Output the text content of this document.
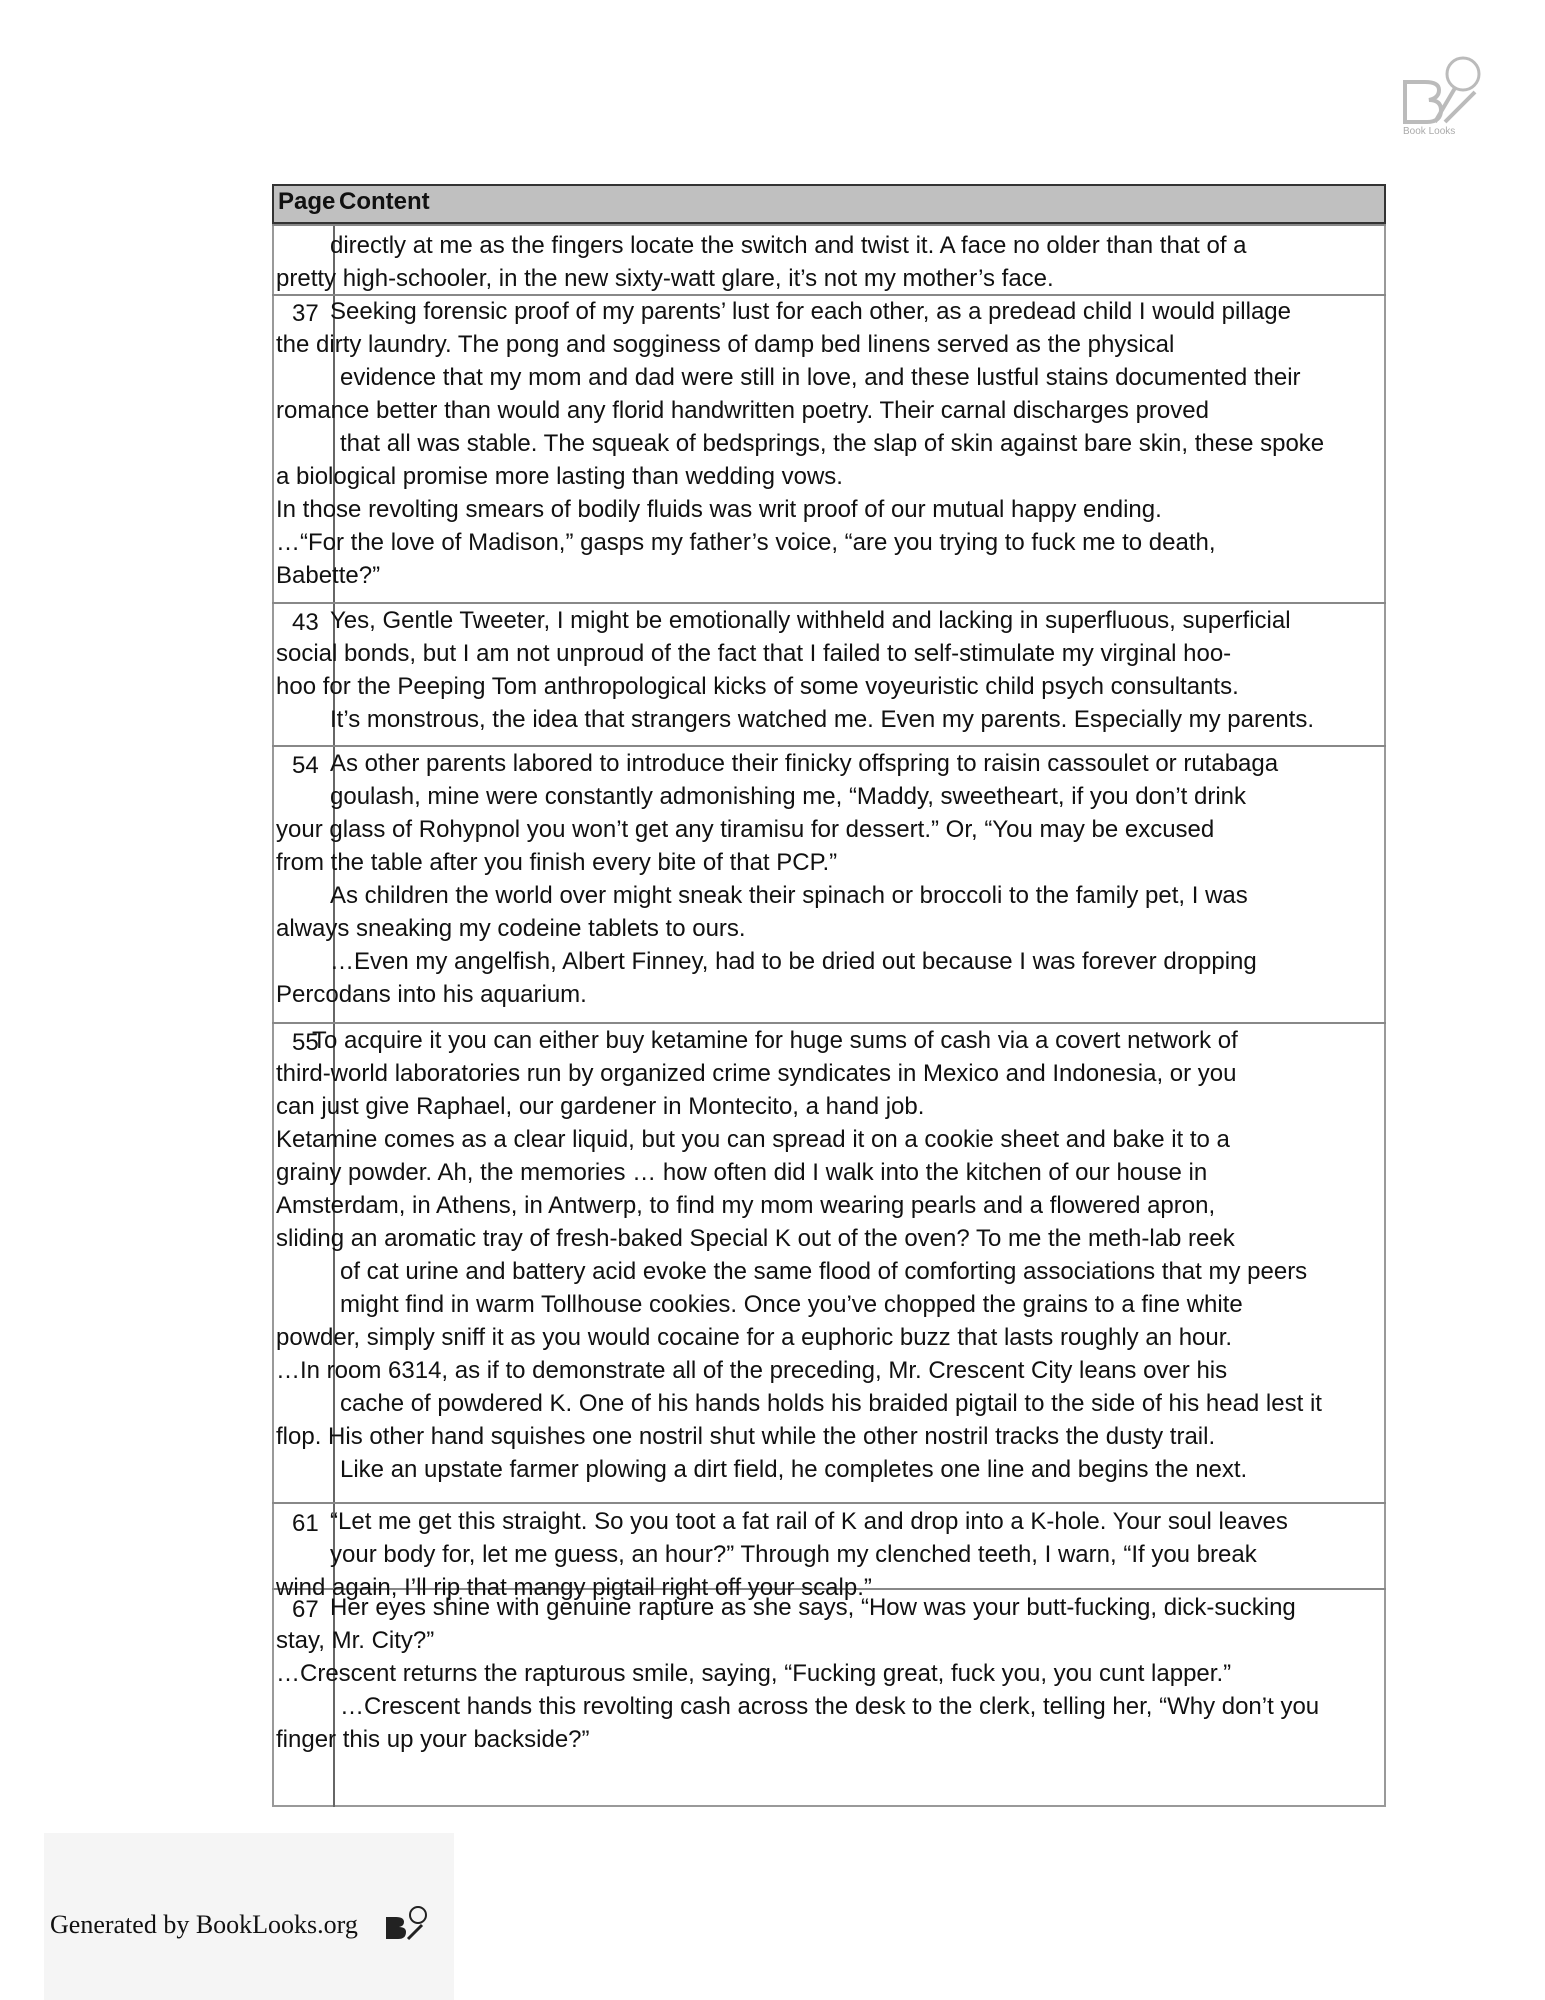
Book Looks
Page Content
directly at me as the fingers locate the switch and twist it. A face no older than that of a
pretty high-schooler, in the new sixty-watt glare, it’s not my mother’s face.
37 Seeking forensic proof of my parents’ lust for each other, as a predead child I would pillage
the dirty laundry. The pong and sogginess of damp bed linens served as the physical
evidence that my mom and dad were still in love, and these lustful stains documented their
romance better than would any florid handwritten poetry. Their carnal discharges proved
that all was stable. The squeak of bedsprings, the slap of skin against bare skin, these spoke
a biological promise more lasting than wedding vows.
In those revolting smears of bodily fluids was writ proof of our mutual happy ending.
…“For the love of Madison,” gasps my father’s voice, “are you trying to fuck me to death,
Babette?”
43 Yes, Gentle Tweeter, I might be emotionally withheld and lacking in superfluous, superficial
social bonds, but I am not unproud of the fact that I failed to self-stimulate my virginal hoo-
hoo for the Peeping Tom anthropological kicks of some voyeuristic child psych consultants.
It’s monstrous, the idea that strangers watched me. Even my parents. Especially my parents.
54 As other parents labored to introduce their finicky offspring to raisin cassoulet or rutabaga
goulash, mine were constantly admonishing me, “Maddy, sweetheart, if you don’t drink
your glass of Rohypnol you won’t get any tiramisu for dessert.” Or, “You may be excused
from the table after you finish every bite of that PCP.”
As children the world over might sneak their spinach or broccoli to the family pet, I was
always sneaking my codeine tablets to ours.
…Even my angelfish, Albert Finney, had to be dried out because I was forever dropping
Percodans into his aquarium.
55
To acquire it you can either buy ketamine for huge sums of cash via a covert network of
third-world laboratories run by organized crime syndicates in Mexico and Indonesia, or you
can just give Raphael, our gardener in Montecito, a hand job.
Ketamine comes as a clear liquid, but you can spread it on a cookie sheet and bake it to a
grainy powder. Ah, the memories … how often did I walk into the kitchen of our house in
Amsterdam, in Athens, in Antwerp, to find my mom wearing pearls and a flowered apron,
sliding an aromatic tray of fresh-baked Special K out of the oven? To me the meth-lab reek
of cat urine and battery acid evoke the same flood of comforting associations that my peers
might find in warm Tollhouse cookies. Once you’ve chopped the grains to a fine white
powder, simply sniff it as you would cocaine for a euphoric buzz that lasts roughly an hour.
…In room 6314, as if to demonstrate all of the preceding, Mr. Crescent City leans over his
cache of powdered K. One of his hands holds his braided pigtail to the side of his head lest it
flop. His other hand squishes one nostril shut while the other nostril tracks the dusty trail.
Like an upstate farmer plowing a dirt field, he completes one line and begins the next.
61 “Let me get this straight. So you toot a fat rail of K and drop into a K-hole. Your soul leaves
your body for, let me guess, an hour?” Through my clenched teeth, I warn, “If you break
wind again, I’ll rip that mangy pigtail right off your scalp.”
67 Her eyes shine with genuine rapture as she says, “How was your butt-fucking, dick-sucking
stay, Mr. City?”
…Crescent returns the rapturous smile, saying, “Fucking great, fuck you, you cunt lapper.”
…Crescent hands this revolting cash across the desk to the clerk, telling her, “Why don’t you
finger this up your backside?”
Generated by BookLooks.org
